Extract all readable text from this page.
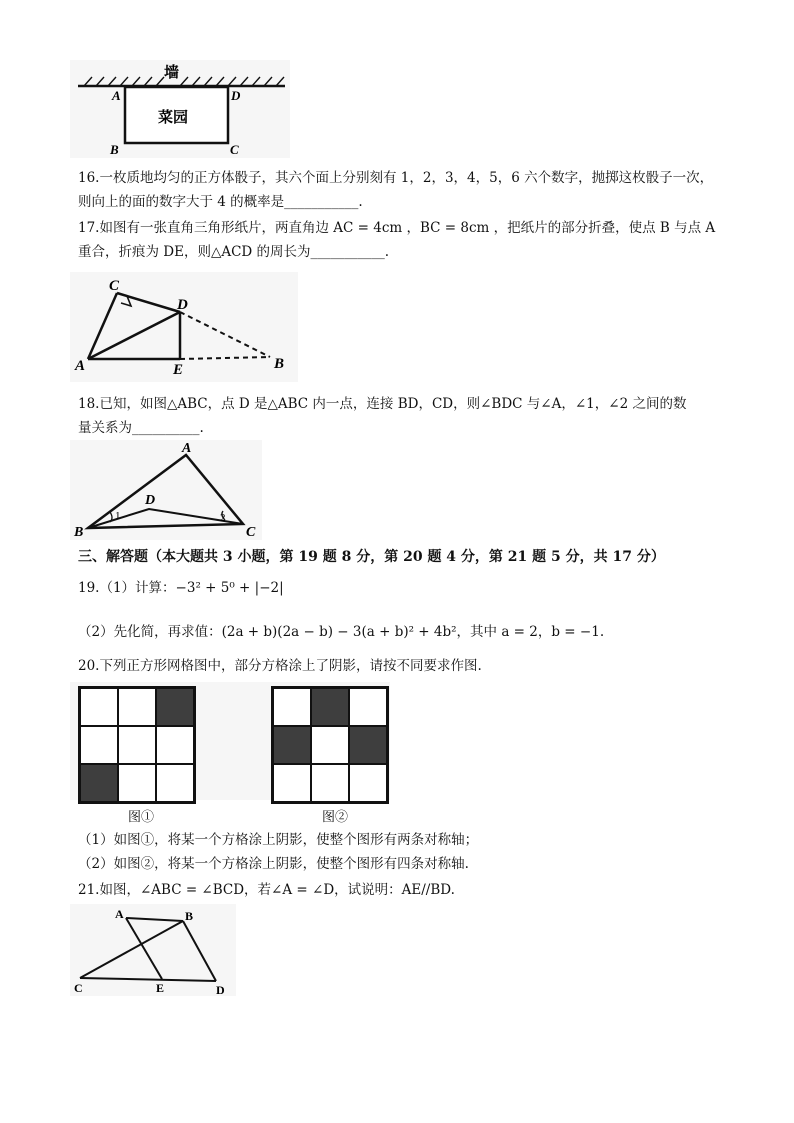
墙
菜园
A	D
B	C
16.一枚质地均匀的正方体骰子，其六个面上分别刻有 1，2，3，4，5，6 六个数字，抛掷这枚骰子一次，
则向上的面的数字大于 4 的概率是___________.
17.如图有一张直角三角形纸片，两直角边 AC = 4cm ，BC = 8cm ，把纸片的部分折叠，使点 B 与点 A
重合，折痕为 DE，则△ACD 的周长为___________.
C
D
A	E	B
18.已知，如图△ABC，点 D 是△ABC 内一点，连接 BD，CD，则∠BDC 与∠A，∠1，∠2 之间的数
量关系为__________.
A
D
B	C
1	2
三、解答题（本大题共 3 小题，第 19 题 8 分，第 20 题 4 分，第 21 题 5 分，共 17 分）
19.（1）计算：−3² + 5⁰ + |−2|
（2）先化简，再求值：(2a + b)(2a − b) − 3(a + b)² + 4b²，其中 a = 2，b = −1.
20.下列正方形网格图中，部分方格涂上了阴影，请按不同要求作图.
图①	图②
（1）如图①，将某一个方格涂上阴影，使整个图形有两条对称轴；
（2）如图②，将某一个方格涂上阴影，使整个图形有四条对称轴.
21.如图，∠ABC = ∠BCD，若∠A = ∠D，试说明：AE//BD.
A	B
C	E	D
